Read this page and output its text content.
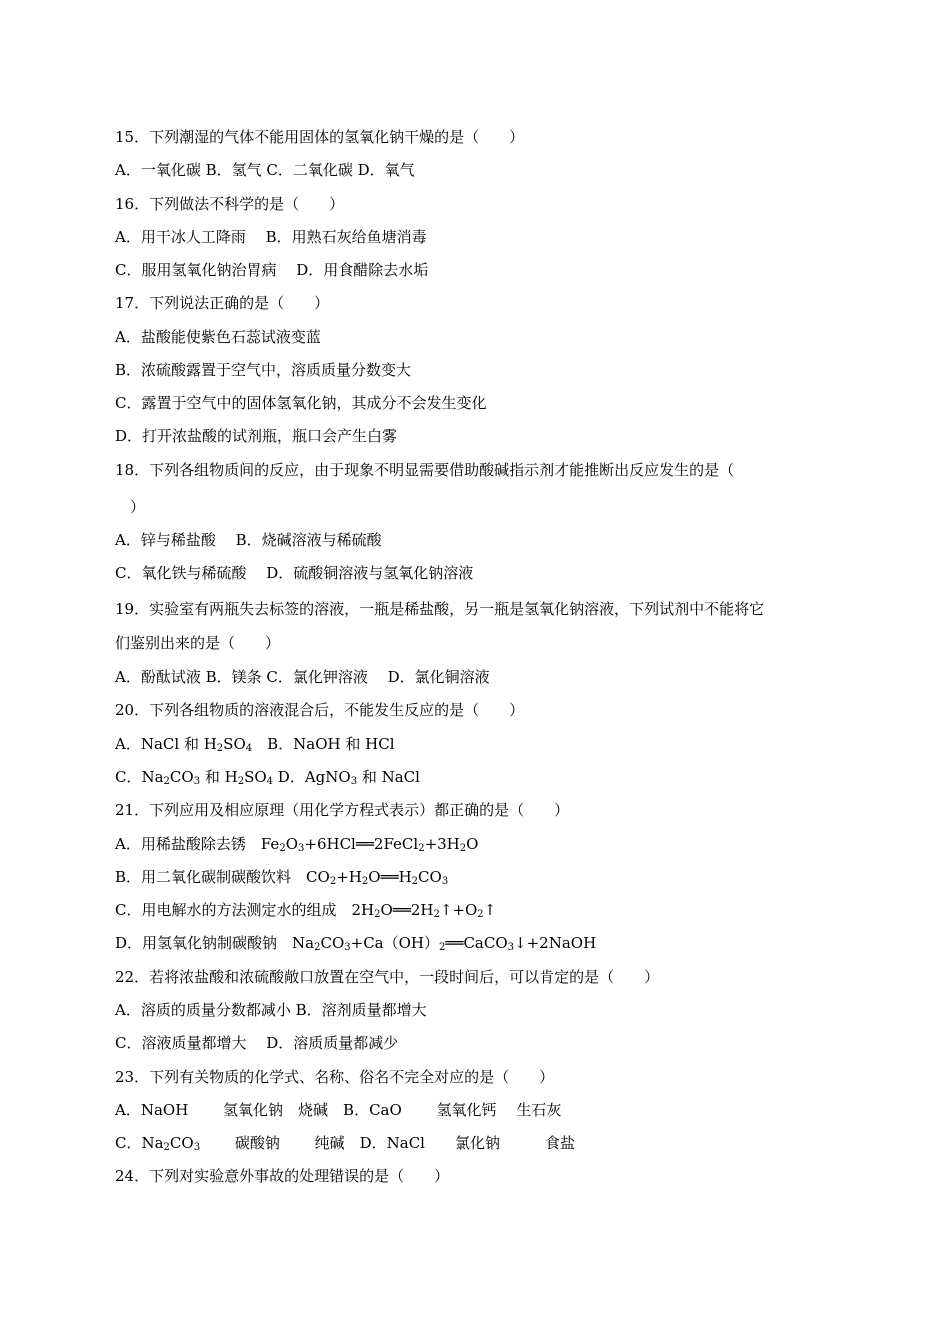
15．下列潮湿的气体不能用固体的氢氧化钠干燥的是（　　）
A．一氧化碳 B．氢气 C．二氧化碳 D．氧气
16．下列做法不科学的是（　　）
A．用干冰人工降雨　 B．用熟石灰给鱼塘消毒
C．服用氢氧化钠治胃病　 D．用食醋除去水垢
17．下列说法正确的是（　　）
A．盐酸能使紫色石蕊试液变蓝
B．浓硫酸露置于空气中，溶质质量分数变大
C．露置于空气中的固体氢氧化钠，其成分不会发生变化
D．打开浓盐酸的试剂瓶，瓶口会产生白雾
18．下列各组物质间的反应，由于现象不明显需要借助酸碱指示剂才能推断出反应发生的是（
　）
A．锌与稀盐酸　 B．烧碱溶液与稀硫酸
C．氧化铁与稀硫酸　 D．硫酸铜溶液与氢氧化钠溶液
19．实验室有两瓶失去标签的溶液，一瓶是稀盐酸，另一瓶是氢氧化钠溶液，下列试剂中不能将它
们鉴别出来的是（　　）
A．酚酞试液 B．镁条 C．氯化钾溶液　 D．氯化铜溶液
20．下列各组物质的溶液混合后，不能发生反应的是（　　）
A．NaCl 和 $H_2SO_4$　B．NaOH 和 HCl
C．$Na_2CO_3$ 和 $H_2SO_4$ D．AgNO$_3$ 和 NaCl
21．下列应用及相应原理（用化学方程式表示）都正确的是（　　）
A．用稀盐酸除去锈　$Fe_2O_3+6HCl══2FeCl_2+3H_2O$
B．用二氧化碳制碳酸饮料　$CO_2+H_2O══H_2CO_3$
C．用电解水的方法测定水的组成　$2H_2O══2H_2↑+O_2↑$
D．用氢氧化钠制碳酸钠　$Na_2CO_3+Ca(OH)_2══CaCO_3↓+2NaOH$
22．若将浓盐酸和浓硫酸敞口放置在空气中，一段时间后，可以肯定的是（　　）
A．溶质的质量分数都减小 B．溶剂质量都增大
C．溶液质量都增大　 D．溶质质量都减少
23．下列有关物质的化学式、名称、俗名不完全对应的是（　　）
A．NaOH　　 氢氧化钠　烧碱　B．CaO　　 氢氧化钙　 生石灰
C．$Na_2CO_3$　　 碳酸钠　　 纯碱　D．NaCl　　氯化钠　　　食盐
24．下列对实验意外事故的处理错误的是（　　）
